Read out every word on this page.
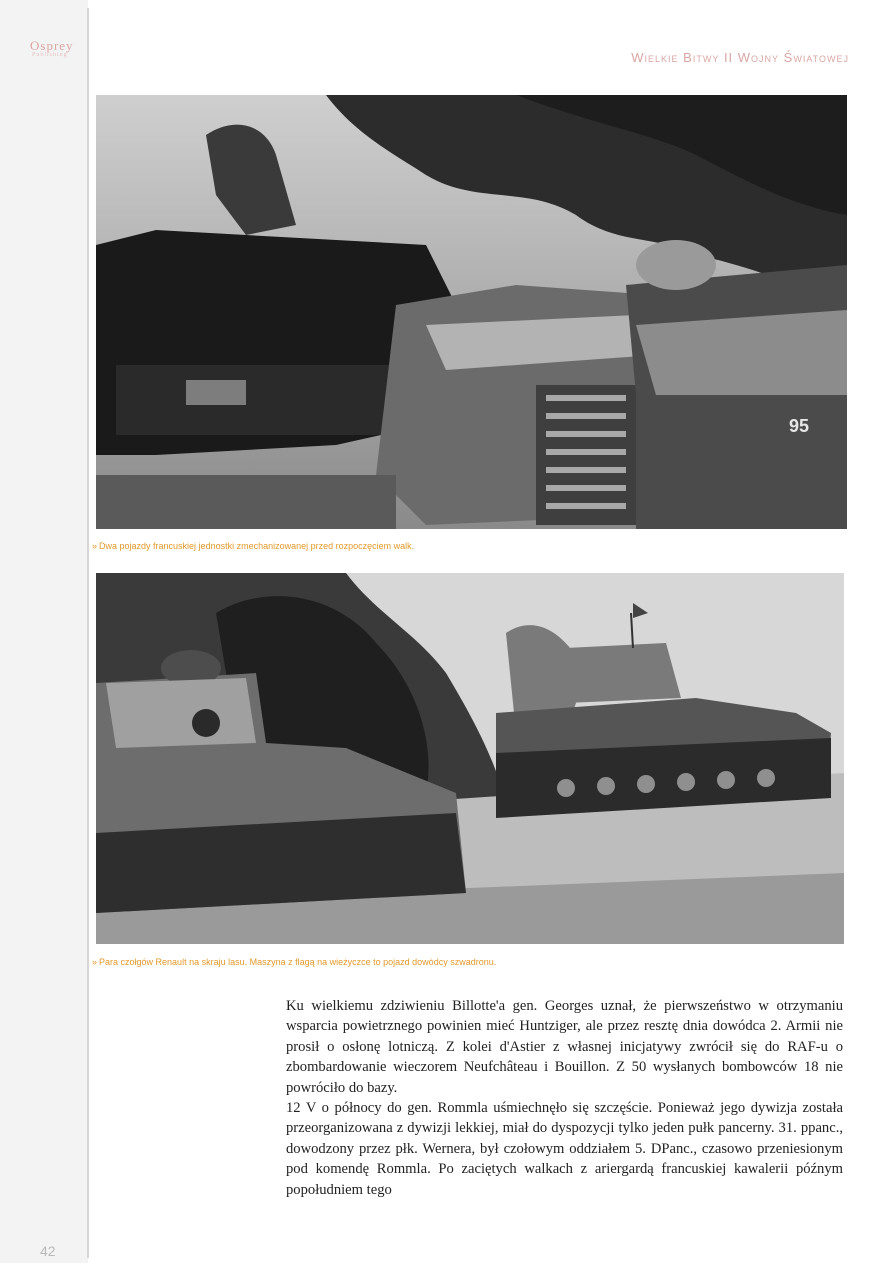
Osprey
Publishing	Wielkie Bitwy II Wojny Światowej
95
» Dwa pojazdy francuskiej jednostki zmechanizowanej przed rozpoczęciem walk.
» Para czołgów Renault na skraju lasu. Maszyna z flagą na wieżyczce to pojazd dowódcy szwadronu.

Ku wielkiemu zdziwieniu Billotte'a gen. Georges uznał, że pierwszeństwo w otrzymaniu wsparcia powietrznego powinien mieć Huntziger, ale przez resztę dnia dowódca 2. Armii nie prosił o osłonę lotniczą. Z kolei d'Astier z własnej inicjatywy zwrócił się do RAF-u o zbombardowanie wieczorem Neufchâteau i Bouillon. Z 50 wysłanych bombowców 18 nie powróciło do bazy.

12 V o północy do gen. Rommla uśmiechnęło się szczęście. Ponieważ jego dywizja została przeorganizowana z dywizji lekkiej, miał do dyspozycji tylko jeden pułk pancerny. 31. ppanc., dowodzony przez płk. Wernera, był czołowym oddziałem 5. DPanc., czasowo przeniesionym pod komendę Rommla. Po zaciętych walkach z ariergardą francuskiej kawalerii późnym popołudniem tego

42
